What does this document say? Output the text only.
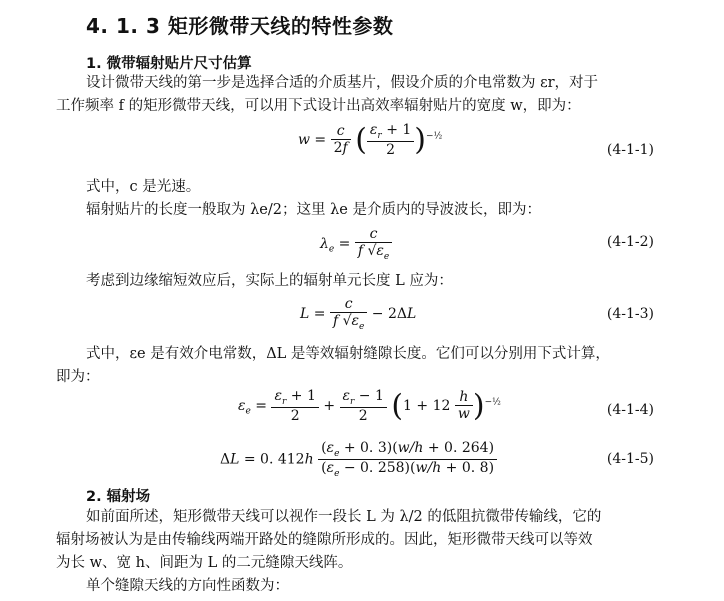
4. 1. 3 矩形微带天线的特性参数
1. 微带辐射贴片尺寸估算
设计微带天线的第一步是选择合适的介质基片，假设介质的介电常数为 εr，对于
工作频率 f 的矩形微带天线，可以用下式设计出高效率辐射贴片的宽度 w，即为：
$w = \frac{c}{2f}$ ( $\frac{\varepsilon_r + 1}{2} )^{-\frac{1}{2}}$
(4-1-1)
式中，c 是光速。
辐射贴片的长度一般取为 λe/2；这里 λe 是介质内的导波波长，即为：
$\lambda_e = \frac{c}{f √\varepsilon_e}$	(4-1-2)
考虑到边缘缩短效应后，实际上的辐射单元长度 L 应为：
$L = \frac{c}{f √\varepsilon_e} - 2\Delta L$	(4-1-3)
式中，εe 是有效介电常数，ΔL 是等效辐射缝隙长度。它们可以分别用下式计算，
即为：
$\varepsilon_e = \frac{\varepsilon_r + 1}{2} + \frac{\varepsilon_r - 1}{2} (1 + 12 \frac{h}{w} )^{-\frac{1}{2}}$	(4-1-4)
ΔL = 0. $412h \frac{(\varepsilon_e + 0. 3)(w/h + 0. 264)}{(\varepsilon_e - 0. 258)(w/h + 0. 8)}$	(4-1-5)
2. 辐射场
如前面所述，矩形微带天线可以视作一段长 L 为 λ/2 的低阻抗微带传输线，它的
辐射场被认为是由传输线两端开路处的缝隙所形成的。因此，矩形微带天线可以等效
为长 w、宽 h、间距为 L 的二元缝隙天线阵。
单个缝隙天线的方向性函数为：
